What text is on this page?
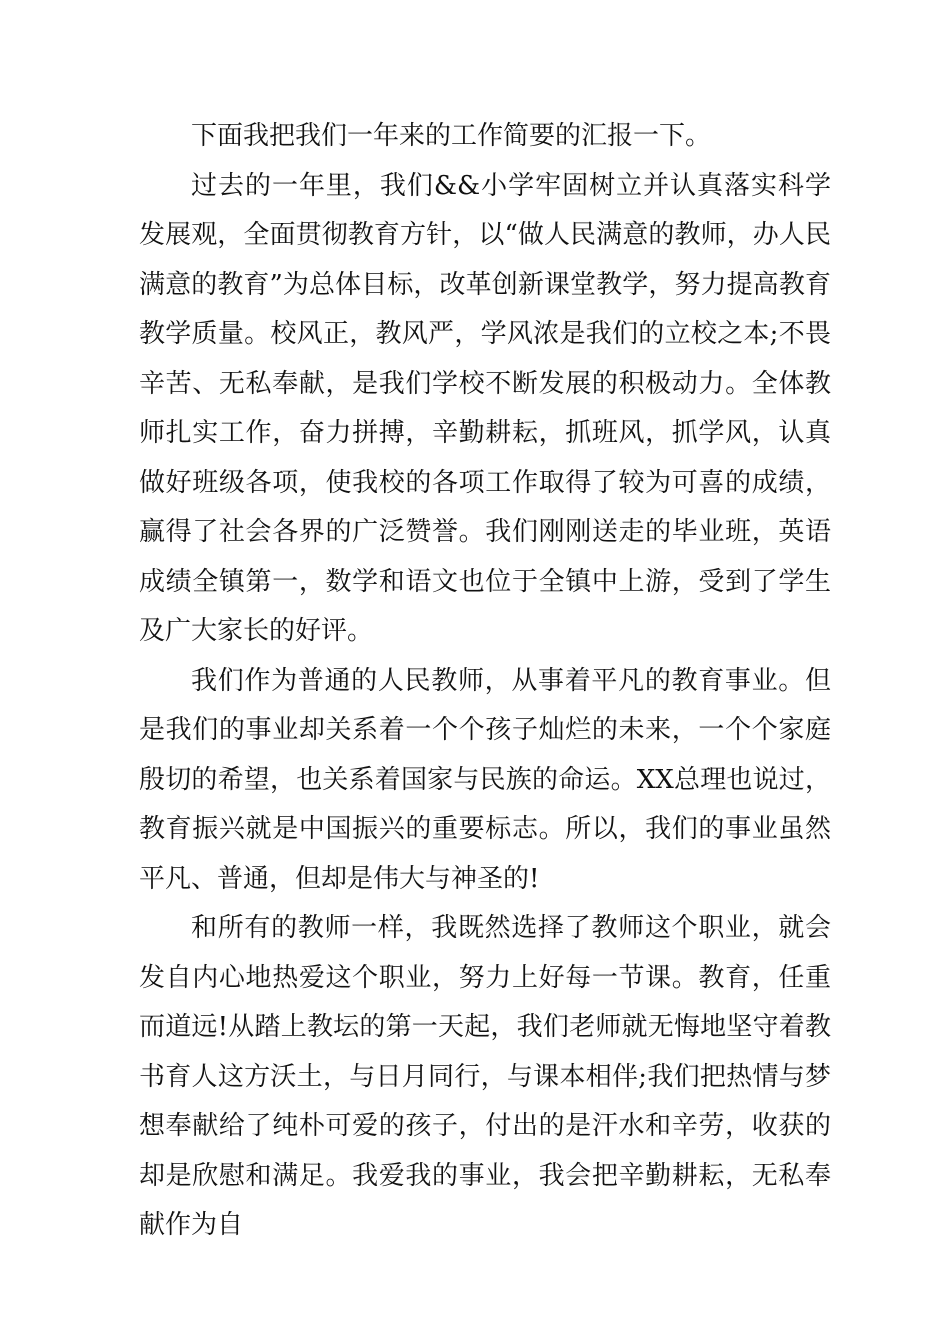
下面我把我们一年来的工作简要的汇报一下。

过去的一年里，我们&&小学牢固树立并认真落实科学发展观，全面贯彻教育方针，以“做人民满意的教师，办人民满意的教育”为总体目标，改革创新课堂教学，努力提高教育教学质量。校风正，教风严，学风浓是我们的立校之本;不畏辛苦、无私奉献，是我们学校不断发展的积极动力。全体教师扎实工作，奋力拼搏，辛勤耕耘，抓班风，抓学风，认真做好班级各项，使我校的各项工作取得了较为可喜的成绩，赢得了社会各界的广泛赞誉。我们刚刚送走的毕业班，英语成绩全镇第一，数学和语文也位于全镇中上游，受到了学生及广大家长的好评。

我们作为普通的人民教师，从事着平凡的教育事业。但是我们的事业却关系着一个个孩子灿烂的未来，一个个家庭殷切的希望，也关系着国家与民族的命运。XX总理也说过，教育振兴就是中国振兴的重要标志。所以，我们的事业虽然平凡、普通，但却是伟大与神圣的!

和所有的教师一样，我既然选择了教师这个职业，就会发自内心地热爱这个职业，努力上好每一节课。教育，任重而道远!从踏上教坛的第一天起，我们老师就无悔地坚守着教书育人这方沃土，与日月同行，与课本相伴;我们把热情与梦想奉献给了纯朴可爱的孩子，付出的是汗水和辛劳，收获的却是欣慰和满足。我爱我的事业，我会把辛勤耕耘，无私奉献作为自
